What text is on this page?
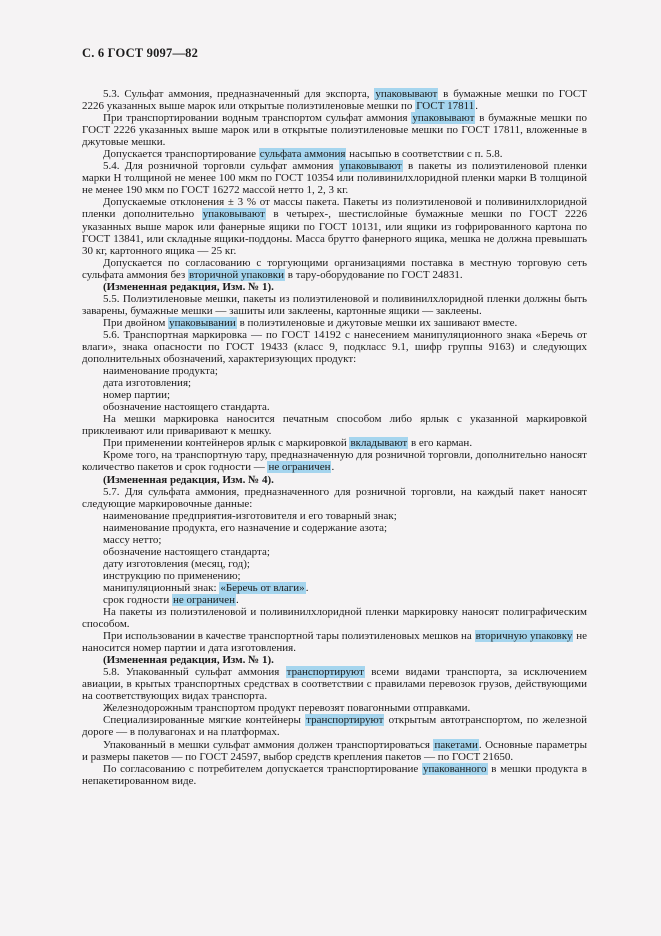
С. 6 ГОСТ 9097—82

5.3. Сульфат аммония, предназначенный для экспорта, упаковывают в бумажные мешки по ГОСТ 2226 указанных выше марок или открытые полиэтиленовые мешки по ГОСТ 17811.

При транспортировании водным транспортом сульфат аммония упаковывают в бумажные мешки по ГОСТ 2226 указанных выше марок или в открытые полиэтиленовые мешки по ГОСТ 17811, вложенные в джутовые мешки.

Допускается транспортирование сульфата аммония насыпью в соответствии с п. 5.8.

5.4. Для розничной торговли сульфат аммония упаковывают в пакеты из полиэтиленовой пленки марки Н толщиной не менее 100 мкм по ГОСТ 10354 или поливинилхлоридной пленки марки В толщиной не менее 190 мкм по ГОСТ 16272 массой нетто 1, 2, 3 кг.

Допускаемые отклонения ± 3 % от массы пакета. Пакеты из полиэтиленовой и поливинилхлоридной пленки дополнительно упаковывают в четырех-, шестислойные бумажные мешки по ГОСТ 2226 указанных выше марок или фанерные ящики по ГОСТ 10131, или ящики из гофрированного картона по ГОСТ 13841, или складные ящики-поддоны. Масса брутто фанерного ящика, мешка не должна превышать 30 кг, картонного ящика — 25 кг.

Допускается по согласованию с торгующими организациями поставка в местную торговую сеть сульфата аммония без вторичной упаковки в тару-оборудование по ГОСТ 24831.

(Измененная редакция, Изм. № 1).

5.5. Полиэтиленовые мешки, пакеты из полиэтиленовой и поливинилхлоридной пленки должны быть заварены, бумажные мешки — зашиты или заклеены, картонные ящики — заклеены.

При двойном упаковывании в полиэтиленовые и джутовые мешки их зашивают вместе.

5.6. Транспортная маркировка — по ГОСТ 14192 с нанесением манипуляционного знака «Беречь от влаги», знака опасности по ГОСТ 19433 (класс 9, подкласс 9.1, шифр группы 9163) и следующих дополнительных обозначений, характеризующих продукт:

наименование продукта;

дата изготовления;

номер партии;

обозначение настоящего стандарта.

На мешки маркировка наносится печатным способом либо ярлык с указанной маркировкой приклеивают или приваривают к мешку.

При применении контейнеров ярлык с маркировкой вкладывают в его карман.

Кроме того, на транспортную тару, предназначенную для розничной торговли, дополнительно наносят количество пакетов и срок годности — не ограничен.

(Измененная редакция, Изм. № 4).

5.7. Для сульфата аммония, предназначенного для розничной торговли, на каждый пакет наносят следующие маркировочные данные:

наименование предприятия-изготовителя и его товарный знак;

наименование продукта, его назначение и содержание азота;

массу нетто;

обозначение настоящего стандарта;

дату изготовления (месяц, год);

инструкцию по применению;

манипуляционный знак: «Беречь от влаги».

срок годности не ограничен.

На пакеты из полиэтиленовой и поливинилхлоридной пленки маркировку наносят полиграфическим способом.

При использовании в качестве транспортной тары полиэтиленовых мешков на вторичную упаковку не наносится номер партии и дата изготовления.

(Измененная редакция, Изм. № 1).

5.8. Упакованный сульфат аммония транспортируют всеми видами транспорта, за исключением авиации, в крытых транспортных средствах в соответствии с правилами перевозок грузов, действующими на соответствующих видах транспорта.

Железнодорожным транспортом продукт перевозят повагонными отправками.

Специализированные мягкие контейнеры транспортируют открытым автотранспортом, по железной дороге — в полувагонах и на платформах.

Упакованный в мешки сульфат аммония должен транспортироваться пакетами. Основные параметры и размеры пакетов — по ГОСТ 24597, выбор средств крепления пакетов — по ГОСТ 21650.

По согласованию с потребителем допускается транспортирование упакованного в мешки продукта в непакетированном виде.
